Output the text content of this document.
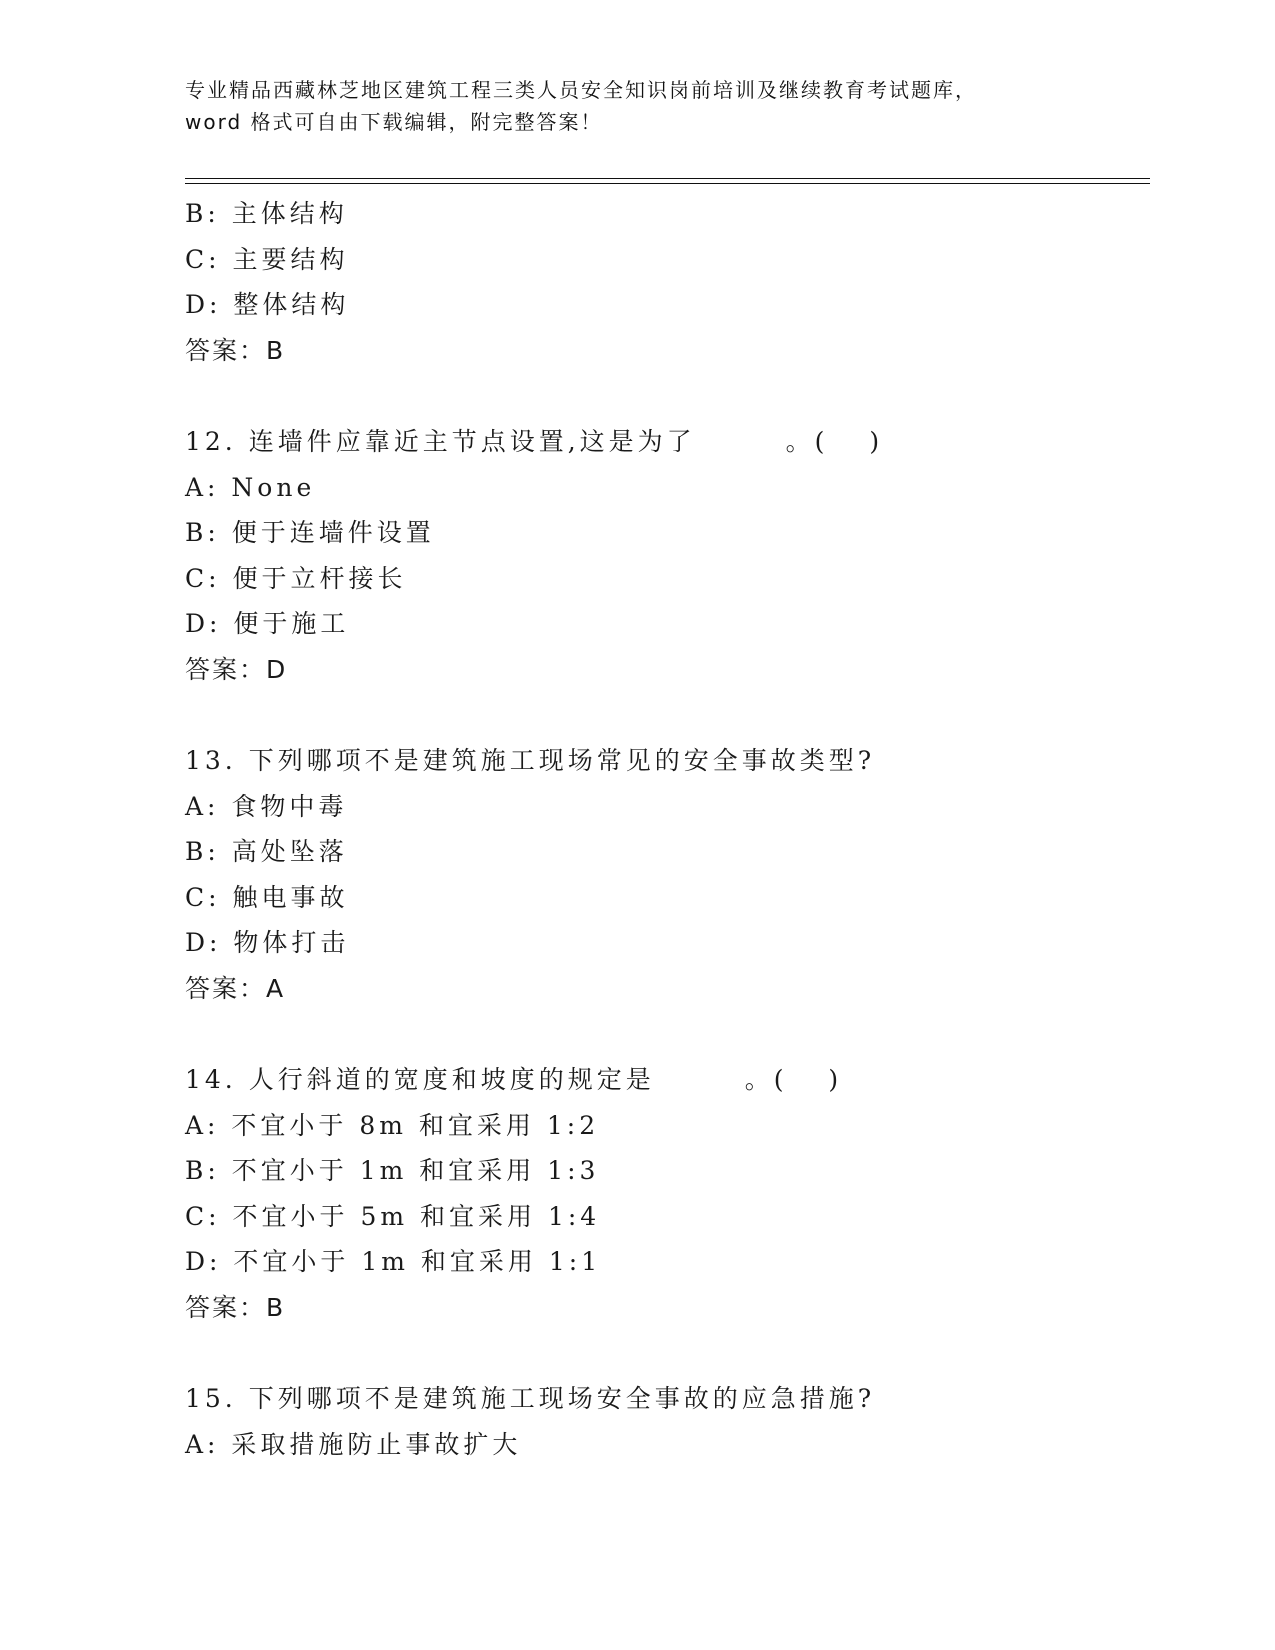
专业精品西藏林芝地区建筑工程三类人员安全知识岗前培训及继续教育考试题库，
word 格式可自由下载编辑，附完整答案！
B: 主体结构
C: 主要结构
D: 整体结构
答案：B
12. 连墙件应靠近主节点设置,这是为了	。(　 )
A: None
B: 便于连墙件设置
C: 便于立杆接长
D: 便于施工
答案：D
13. 下列哪项不是建筑施工现场常见的安全事故类型?
A: 食物中毒
B: 高处坠落
C: 触电事故
D: 物体打击
答案：A
14. 人行斜道的宽度和坡度的规定是	。(　 )
A: 不宜小于 8m 和宜采用 1:2
B: 不宜小于 1m 和宜采用 1:3
C: 不宜小于 5m 和宜采用 1:4
D: 不宜小于 1m 和宜采用 1:1
答案：B
15. 下列哪项不是建筑施工现场安全事故的应急措施?
A: 采取措施防止事故扩大
